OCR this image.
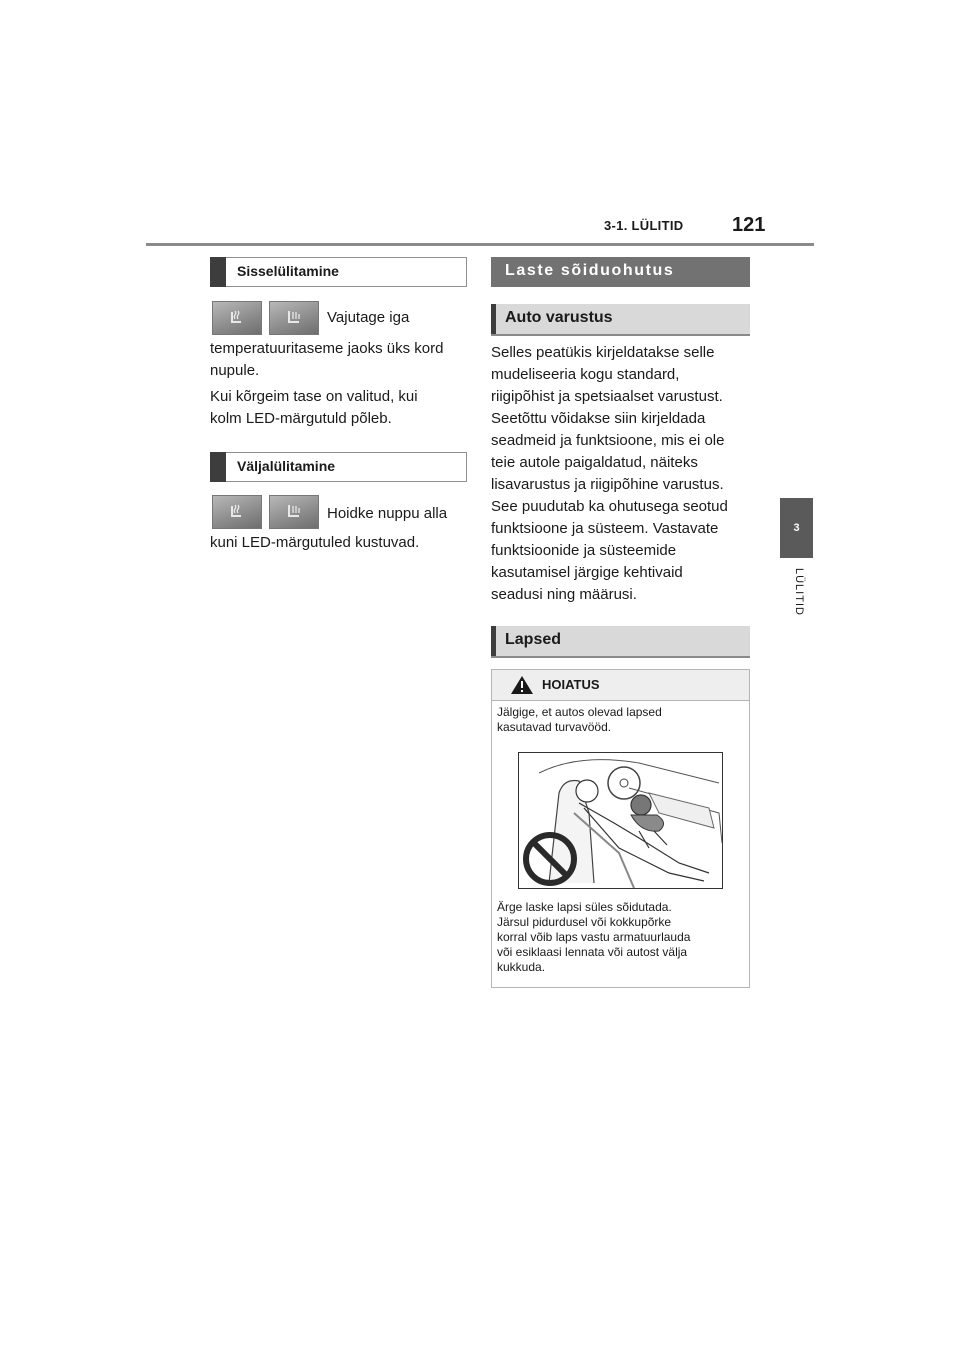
3-1. LÜLITID 121
3
LÜLITID
Sisselülitamine
Vajutage iga
temperatuuritaseme jaoks üks kord
nupule.
Kui kõrgeim tase on valitud, kui
kolm LED-märgutuld põleb.
Väljalülitamine
Hoidke nuppu alla
kuni LED-märgutuled kustuvad.
Laste sõiduohutus
Auto varustus
Selles peatükis kirjeldatakse selle
mudeliseeria kogu standard,
riigipõhist ja spetsiaalset varustust.
Seetõttu võidakse siin kirjeldada
seadmeid ja funktsioone, mis ei ole
teie autole paigaldatud, näiteks
lisavarustus ja riigipõhine varustus.
See puudutab ka ohutusega seotud
funktsioone ja süsteem. Vastavate
funktsioonide ja süsteemide
kasutamisel järgige kehtivaid
seadusi ning määrusi.
Lapsed
HOIATUS
Jälgige, et autos olevad lapsed
kasutavad turvavööd.
Ärge laske lapsi süles sõidutada.
Järsul pidurdusel või kokkupõrke
korral võib laps vastu armatuurlauda
või esiklaasi lennata või autost välja
kukkuda.
